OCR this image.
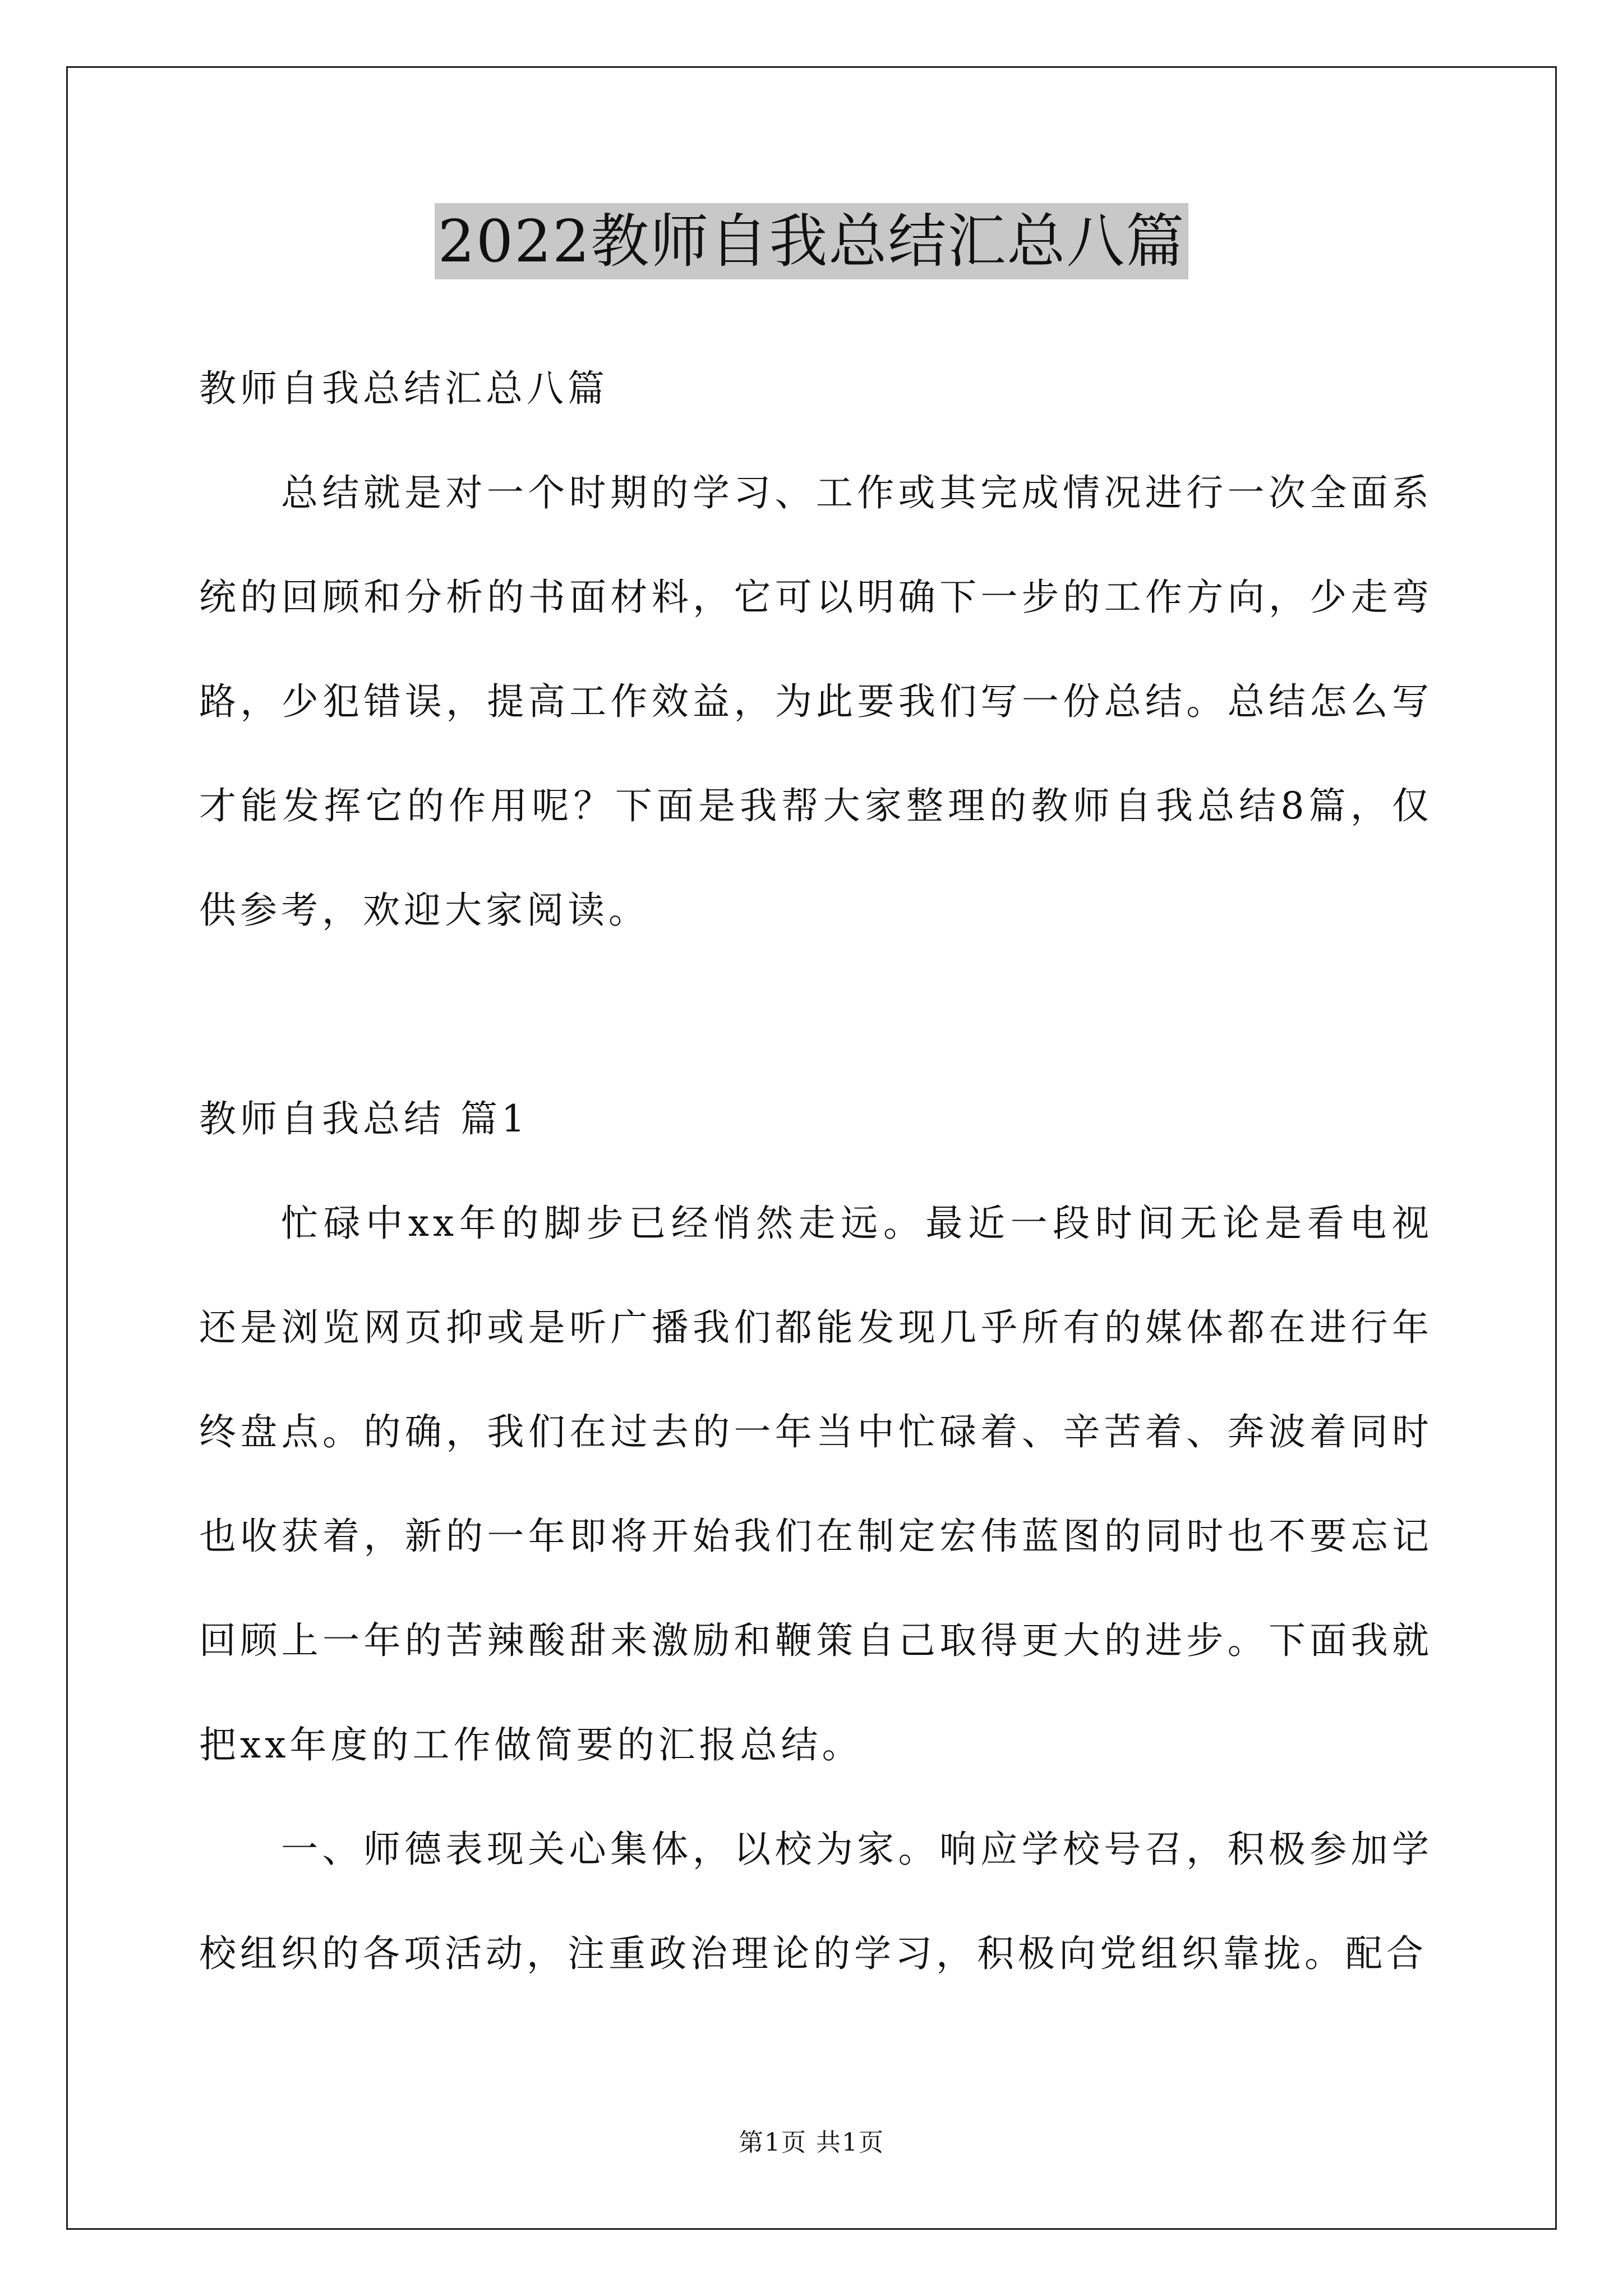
2022教师自我总结汇总八篇

教师自我总结汇总八篇

总结就是对一个时期的学习、工作或其完成情况进行一次全面系统的回顾和分析的书面材料，它可以明确下一步的工作方向，少走弯路，少犯错误，提高工作效益，为此要我们写一份总结。总结怎么写才能发挥它的作用呢？下面是我帮大家整理的教师自我总结8篇，仅供参考，欢迎大家阅读。

教师自我总结 篇1

忙碌中xx年的脚步已经悄然走远。最近一段时间无论是看电视还是浏览网页抑或是听广播我们都能发现几乎所有的媒体都在进行年终盘点。的确，我们在过去的一年当中忙碌着、辛苦着、奔波着同时也收获着，新的一年即将开始我们在制定宏伟蓝图的同时也不要忘记回顾上一年的苦辣酸甜来激励和鞭策自己取得更大的进步。下面我就把xx年度的工作做简要的汇报总结。

一、师德表现关心集体，以校为家。响应学校号召，积极参加学校组织的各项活动，注重政治理论的学习，积极向党组织靠拢。配合

第1页 共1页
